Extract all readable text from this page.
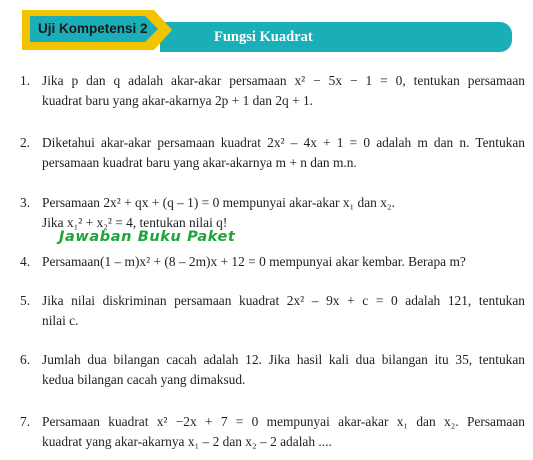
Uji Kompetensi 2
Fungsi Kuadrat
1. Jika p dan q adalah akar-akar persamaan x² − 5x − 1 = 0, tentukan persamaan
kuadrat baru yang akar-akarnya 2p + 1 dan 2q + 1.
2. Diketahui akar-akar persamaan kuadrat 2x² – 4x + 1 = 0 adalah m dan n. Tentukan
persamaan kuadrat baru yang akar-akarnya m + n dan m.n.
3. Persamaan 2x² + qx + (q – 1) = 0 mempunyai akar-akar x₁ dan x₂.
Jika x₁² + x₂² = 4, tentukan nilai q!
Jawaban Buku Paket
4. Persamaan(1 – m)x² + (8 – 2m)x + 12 = 0 mempunyai akar kembar. Berapa m?
5. Jika nilai diskriminan persamaan kuadrat 2x² – 9x + c = 0 adalah 121, tentukan
nilai c.
6. Jumlah dua bilangan cacah adalah 12. Jika hasil kali dua bilangan itu 35, tentukan
kedua bilangan cacah yang dimaksud.
7. Persamaan kuadrat x² −2x + 7 = 0 mempunyai akar-akar x₁ dan x₂. Persamaan
kuadrat yang akar-akarnya x₁ – 2 dan x₂ – 2 adalah ....
